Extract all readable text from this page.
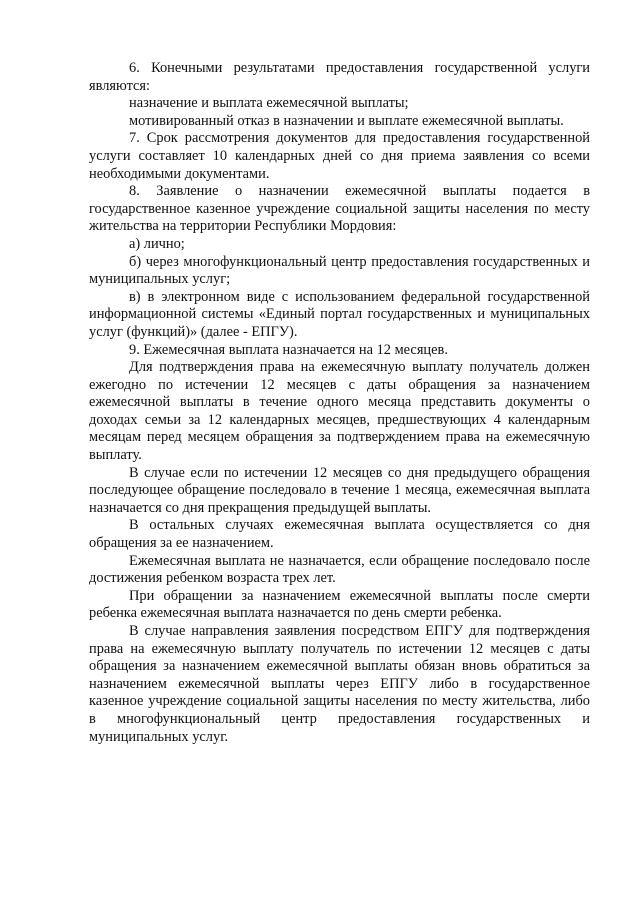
6. Конечными результатами предоставления государственной услуги являются:

назначение и выплата ежемесячной выплаты;

мотивированный отказ в назначении и выплате ежемесячной выплаты.

7. Срок рассмотрения документов для предоставления государственной услуги составляет 10 календарных дней со дня приема заявления со всеми необходимыми документами.

8. Заявление о назначении ежемесячной выплаты подается в государственное казенное учреждение социальной защиты населения по месту жительства на территории Республики Мордовия:

а) лично;

б) через многофункциональный центр предоставления государственных и муниципальных услуг;

в) в электронном виде с использованием федеральной государственной информационной системы «Единый портал государственных и муниципальных услуг (функций)» (далее - ЕПГУ).

9. Ежемесячная выплата назначается на 12 месяцев.

Для подтверждения права на ежемесячную выплату получатель должен ежегодно по истечении 12 месяцев с даты обращения за назначением ежемесячной выплаты в течение одного месяца представить документы о доходах семьи за 12 календарных месяцев, предшествующих 4 календарным месяцам перед месяцем обращения за подтверждением права на ежемесячную выплату.

В случае если по истечении 12 месяцев со дня предыдущего обращения последующее обращение последовало в течение 1 месяца, ежемесячная выплата назначается со дня прекращения предыдущей выплаты.

В остальных случаях ежемесячная выплата осуществляется со дня обращения за ее назначением.

Ежемесячная выплата не назначается, если обращение последовало после достижения ребенком возраста трех лет.

При обращении за назначением ежемесячной выплаты после смерти ребенка ежемесячная выплата назначается по день смерти ребенка.

В случае направления заявления посредством ЕПГУ для подтверждения права на ежемесячную выплату получатель по истечении 12 месяцев с даты обращения за назначением ежемесячной выплаты обязан вновь обратиться за назначением ежемесячной выплаты через ЕПГУ либо в государственное казенное учреждение социальной защиты населения по месту жительства, либо в многофункциональный центр предоставления государственных и муниципальных услуг.
